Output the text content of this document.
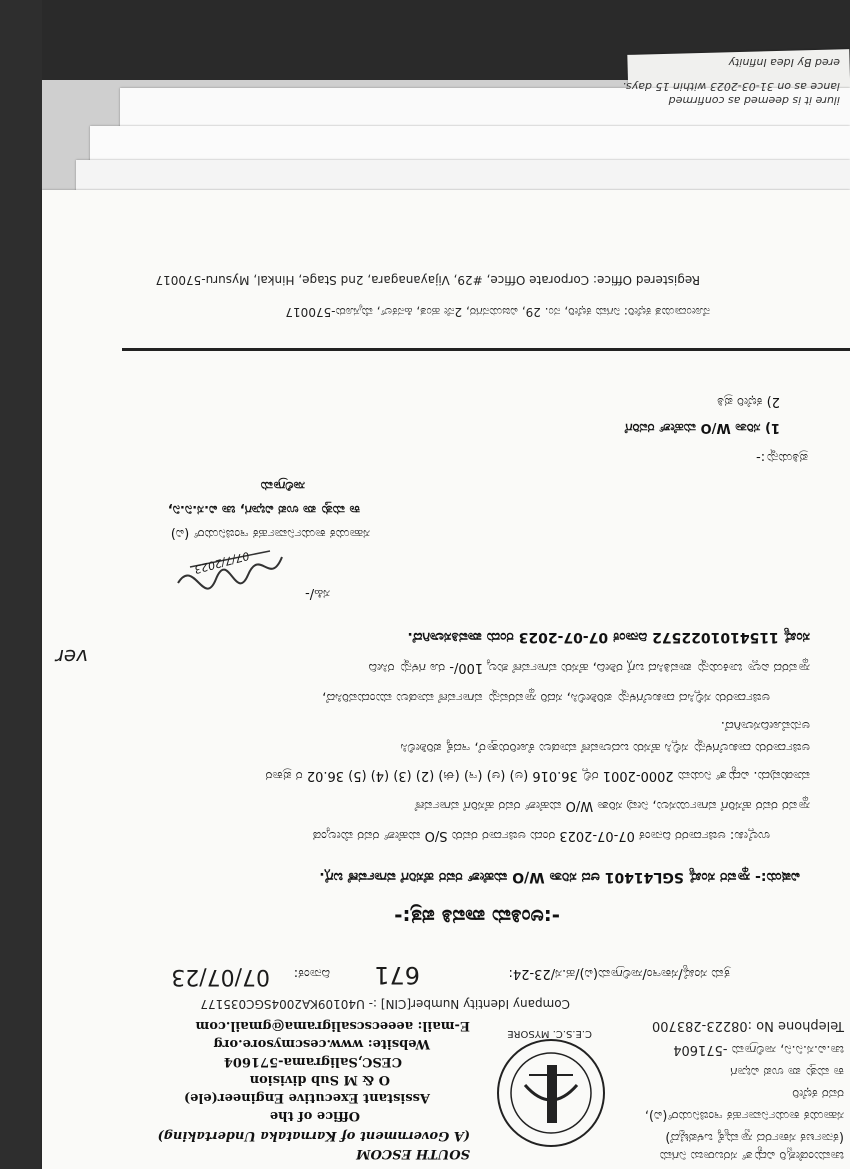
ilure it is deemed as confirmed
lance as on 31-03-2023 within 15 days.
ered By Idea Infinity
C.E.S.C. MYSORE
ಚಾಮುಂಡೇಶ್ವರಿ ವಿದ್ಯುತ್ ಸರಬರಾಜು ನಿಗಮ
(ಕರ್ನಾಟಕ ಸರ್ಕಾರದ ಸ್ವಾಮ್ಯಕ್ಕೆ ಒಳಪಟ್ಟಿದೆ)
ಸಹಾಯಕ ಕಾರ್ಯನಿರ್ವಾಹಕ ಇಂಜಿನಿಯರ್(ವಿ),
ರವರ ಕಛೇರಿ
ಕಾ ಮತ್ತು ಪಾ ಉಪ ವಿಭಾಗ
ಚಾ.ವಿ.ಸ.ನಿ.ನಿ, ಸಾಲಿಗ್ರಾಮ -571604
Telephone No :08223-283700
SOUTH ESCOM
(A Government of Karnataka Undertaking)
Office of the
Assistant Executive Engineer(ele)
O & M Sub division
CESC,Saligrama-571604
Website: www.cescmysore.org
E-mail: aeeecscsaligrama@gmail.com
Company Identity Number[CIN] :- U40109KA2004SGC035177
ಕ್ರಮ ಸಂಖ್ಯೆ/ಸಕಾಇಂ/ಸಾಲಿಗ್ರಾಮ(ವಿ)/ಹ.ಸ/23-24:
671
ದಿನಾಂಕ:
07/07/23
-:ಅಂತಿಮ ಪಾವತಿ ಪತ್ರ:-
ವಿಷಯ:- ಸ್ಥಾವರ ಸಂಖ್ಯೆ SGL41401 ಆದ ಸರಿತಾ W/O ಮಹೇಶ್ ರವರ ಹೆಸರಿಗೆ ವರ್ಗಾವಣೆ ಬಗ್ಗೆ.
ಉಲ್ಲೇಖ: ಅರ್ಜಿದಾರರ ದಿನಾಂಕ 07-07-2023 ರಂದು ಅರ್ಜಿದಾರ ರವರು S/O ಮಹೇಶ್ ರವರ ಮೇಲ್ಕಂಡ
ಸ್ಥಾವರ ರವರ ಹೆಸರಿಗೆ ವರ್ಗಾಯಿಸಲು, ನೀವು ಸರಿತಾ W/O ಮಹೇಶ್ ರವರ ಹೆಸರಿಗೆ ವರ್ಗಾವಣೆ
ಮಾಡುವುದು. ವಿದ್ಯುತ್ ನಿಯಮ 2000-2001 ರಲ್ಲಿ 36.016 (ಅ) (ಆ) (ಇ) (ಈ) (2) (3) (4) (5) 36.02 ರ ಪ್ರಕಾರ
ಅರ್ಜಿದಾರರು ದಾಖಲೆಗಳನ್ನು ಸಲ್ಲಿಸಿ ಹೆಸರು ಬದಲಾವಣೆ ಮಾಡಲು ಕೋರಿರುತ್ತಾರೆ, ಇದಕ್ಕೆ ಪರಿಶೀಲಿಸಿ
ಅನುಮೋದಿಸಲಾಗಿದೆ.
ಅರ್ಜಿದಾರರು ಸಲ್ಲಿಸಿದ ದಾಖಲೆಗಳನ್ನು ಪರಿಶೀಲಿಸಿ, ಸದರಿ ಸ್ಥಾವರವನ್ನು ವರ್ಗಾವಣೆ ಮಾಡಲು ಮುಂದುವರಿಸಿದೆ,
ಸ್ಥಾವರದ ಎಲ್ಲಾ ಬಾಕಿಯನ್ನು ಪಾವತಿಸಿದ ಬಗ್ಗೆ ರಶೀದಿ, ಹೆಸರು ವರ್ಗಾವಣೆ ಶುಲ್ಕ 100/- ರೂ ಗಳನ್ನು ರಸೀದಿ
ಸಂಖ್ಯೆ 1154101022572 ದಿನಾಂಕ 07-07-2023 ರಂದು ಪಾವತಿಸಲಾಗಿದೆ.
ಸಹಿ/-
07/7/2023
ಸಹಾಯಕ ಕಾರ್ಯನಿರ್ವಾಹಕ ಇಂಜಿನಿಯರ್ (ವಿ)
ಕಾ ಮತ್ತು ಪಾ ಉಪ ವಿಭಾಗ, ಚಾ ವಿ.ಸ.ನಿ.ನಿ,
ಸಾಲಿಗ್ರಾಮ
ಪ್ರತಿಯನ್ನು:-
1) ಸರಿತಾ W/O ಮಹೇಶ್ ರವರಿಗೆ
2) ಕಛೇರಿ ಪ್ರತಿ
ನೋಂದಾಯಿತ ಕಛೇರಿ: ನಿಗಮ ಕಛೇರಿ, ನಂ. 29, ವಿಜಯನಗರ, 2ನೇ ಹಂತ, ಹಿನಕಲ್, ಮೈಸೂರು-570017
Registered Office: Corporate Office, #29, Vijayanagara, 2nd Stage, Hinkal, Mysuru-570017
ver
